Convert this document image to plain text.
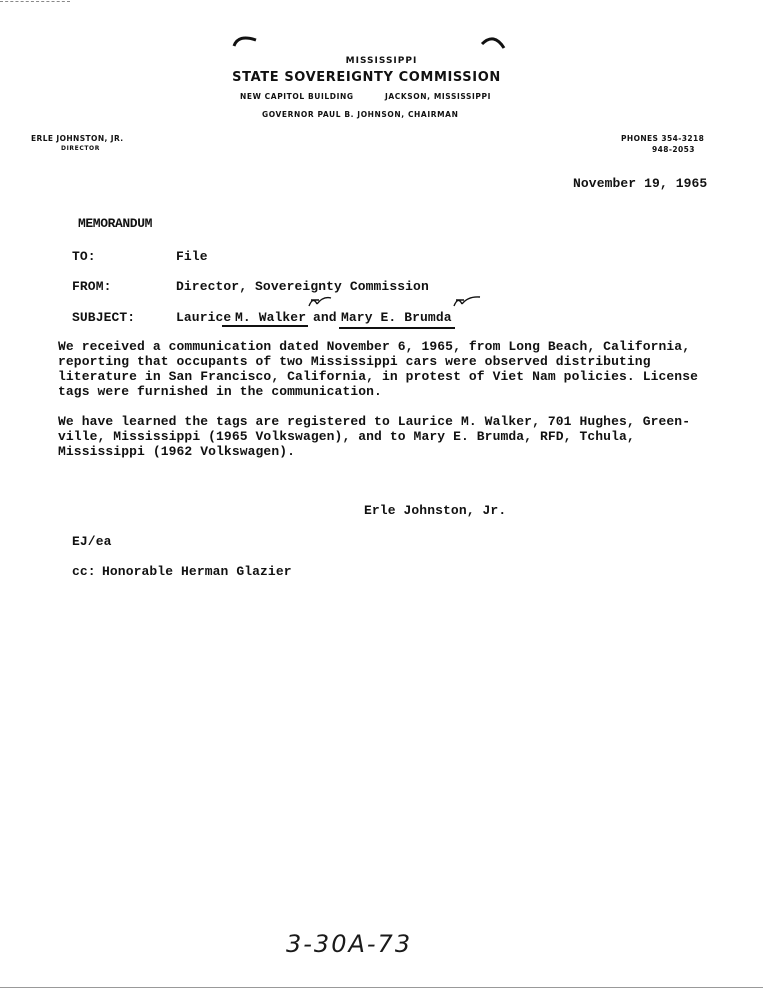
MISSISSIPPI
STATE SOVEREIGNTY COMMISSION
NEW CAPITOL BUILDING	JACKSON, MISSISSIPPI
GOVERNOR PAUL B. JOHNSON, CHAIRMAN
ERLE JOHNSTON, JR.
DIRECTOR
PHONES 354-3218
948-2053
November 19, 1965
MEMORANDUM
TO:	File
FROM:	Director, Sovereignty Commission
SUBJECT:	Laurice M. Walker and Mary E. Brumda
We received a communication dated November 6, 1965, from Long Beach, California,
reporting that occupants of two Mississippi cars were observed distributing
literature in San Francisco, California, in protest of Viet Nam policies. License
tags were furnished in the communication.
We have learned the tags are registered to Laurice M. Walker, 701 Hughes, Green-
ville, Mississippi (1965 Volkswagen), and to Mary E. Brumda, RFD, Tchula,
Mississippi (1962 Volkswagen).
Erle Johnston, Jr.
EJ/ea
cc: Honorable Herman Glazier
3-30A-73
